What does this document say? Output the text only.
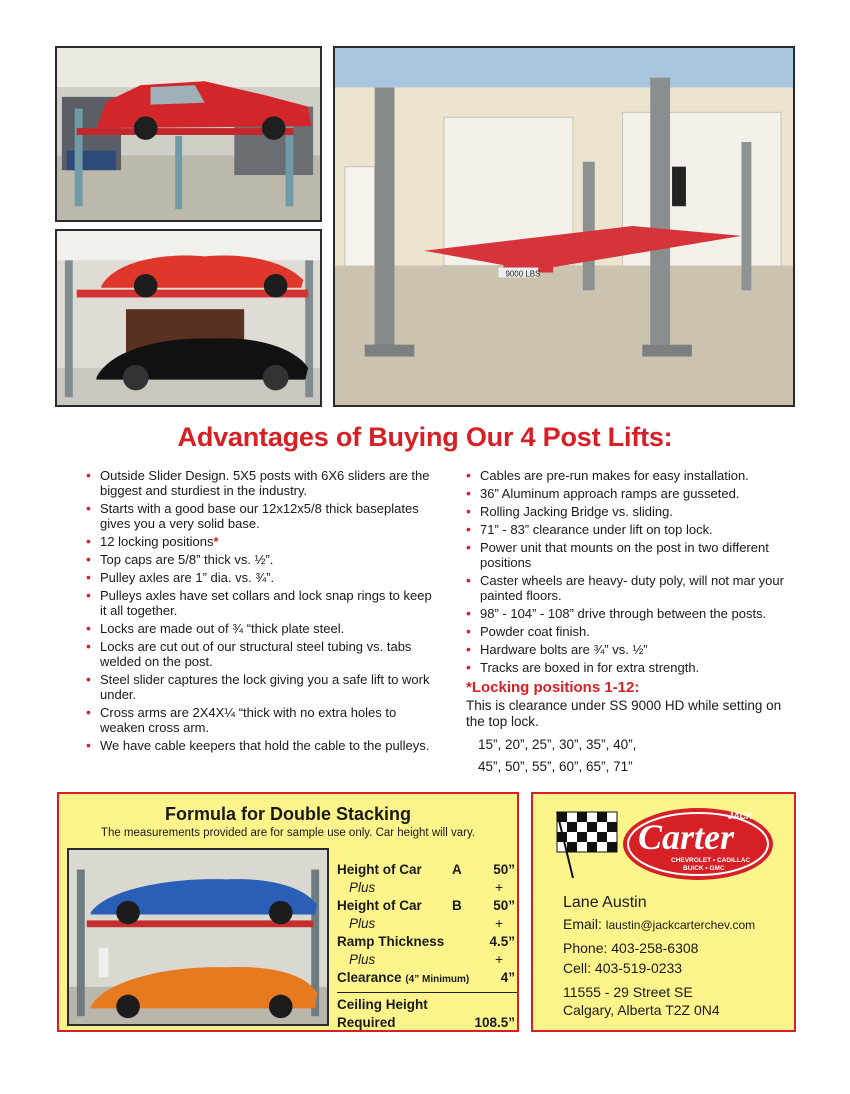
9000 LBS
Advantages of Buying Our 4 Post Lifts:
• Outside Slider Design. 5X5 posts with 6X6 sliders are the biggest and sturdiest in the industry.
• Starts with a good base our 12x12x5/8 thick baseplates gives you a very solid base.
• 12 locking positions*
• Top caps are 5/8” thick vs. ½”.
• Pulley axles are 1” dia. vs. ¾”.
• Pulleys axles have set collars and lock snap rings to keep it all together.
• Locks are made out of ¾ “thick plate steel.
• Locks are cut out of our structural steel tubing vs. tabs welded on the post.
• Steel slider captures the lock giving you a safe lift to work under.
• Cross arms are 2X4X¼ “thick with no extra holes to weaken cross arm.
• We have cable keepers that hold the cable to the pulleys.
• Cables are pre-run makes for easy installation.
• 36” Aluminum approach ramps are gusseted.
• Rolling Jacking Bridge vs. sliding.
• 71” - 83” clearance under lift on top lock.
• Power unit that mounts on the post in two different positions
• Caster wheels are heavy- duty poly, will not mar your painted floors.
• 98” - 104” - 108” drive through between the posts.
• Powder coat finish.
• Hardware bolts are ¾” vs. ½”
• Tracks are boxed in for extra strength.
*Locking positions 1-12:
This is clearance under SS 9000 HD while setting on the top lock.
15”, 20”, 25”, 30”, 35”, 40”,
45”, 50”, 55”, 60”, 65”, 71”
Formula for Double Stacking
The measurements provided are for sample use only. Car height will vary.
Height of Car A 50”
Plus	+
Height of Car B 50”
Plus	+
Ramp Thickness	4.5”
Plus	+
Clearance (4” Minimum) 4”
Ceiling Height
Required	108.5”
JACK
Carter
CHEVROLET • CADILLAC
BUICK • GMC
Lane Austin
Email: laustin@jackcarterchev.com
Phone: 403-258-6308
Cell: 403-519-0233
11555 - 29 Street SE
Calgary, Alberta T2Z 0N4
